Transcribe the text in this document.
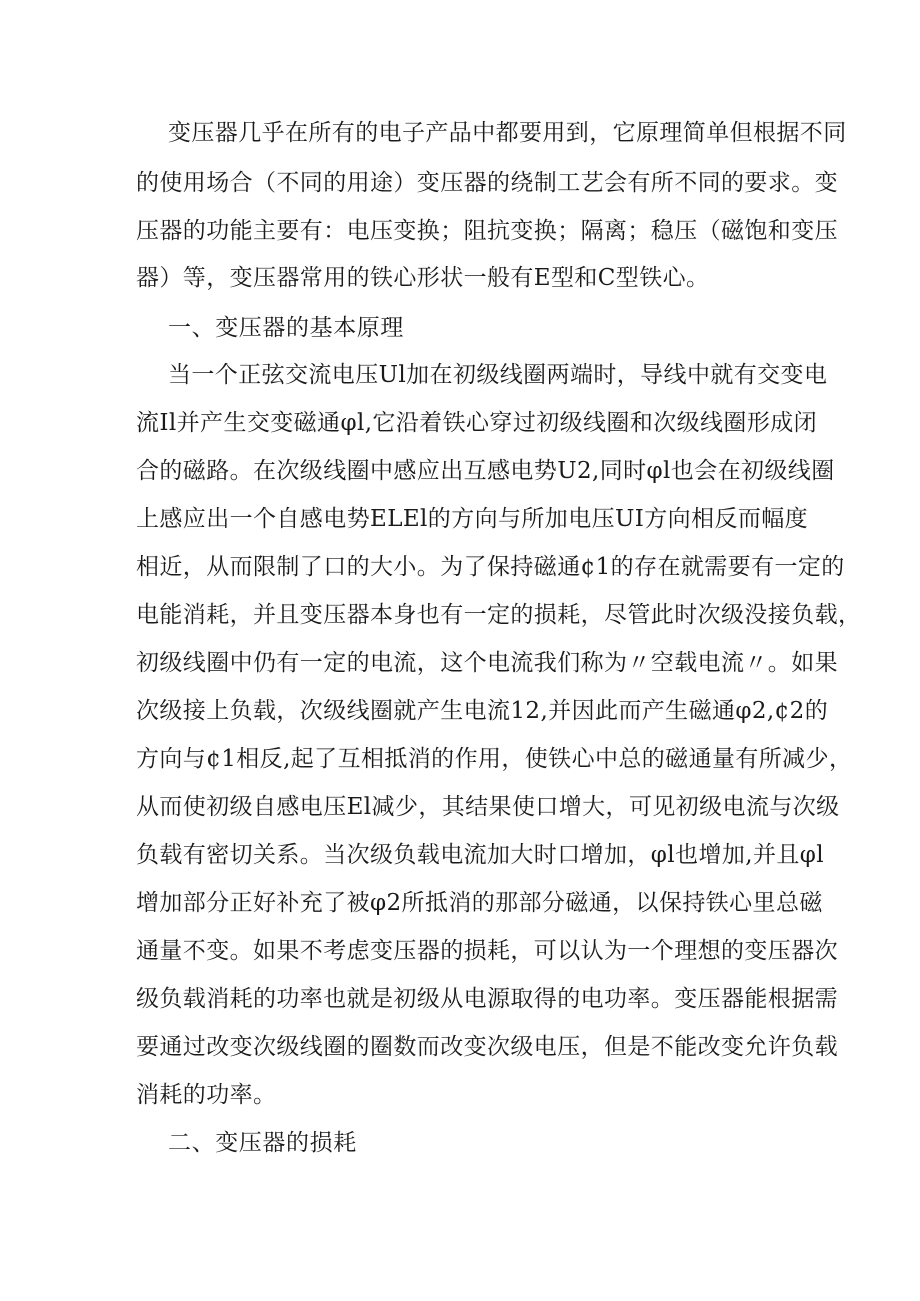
变压器几乎在所有的电子产品中都要用到，它原理简单但根据不同

的使用场合（不同的用途）变压器的绕制工艺会有所不同的要求。变

压器的功能主要有：电压变换；阻抗变换；隔离；稳压（磁饱和变压

器）等，变压器常用的铁心形状一般有E型和C型铁心。

一、变压器的基本原理

当一个正弦交流电压Ul加在初级线圈两端时，导线中就有交变电

流Il并产生交变磁通φl,它沿着铁心穿过初级线圈和次级线圈形成闭

合的磁路。在次级线圈中感应出互感电势U2,同时φl也会在初级线圈

上感应出一个自感电势ELEl的方向与所加电压UI方向相反而幅度

相近，从而限制了口的大小。为了保持磁通¢1的存在就需要有一定的

电能消耗，并且变压器本身也有一定的损耗，尽管此时次级没接负载，

初级线圈中仍有一定的电流，这个电流我们称为〃空载电流〃。如果

次级接上负载，次级线圈就产生电流12,并因此而产生磁通φ2,¢2的

方向与¢1相反,起了互相抵消的作用，使铁心中总的磁通量有所减少，

从而使初级自感电压El减少，其结果使口增大，可见初级电流与次级

负载有密切关系。当次级负载电流加大时口增加，φl也增加,并且φl

增加部分正好补充了被φ2所抵消的那部分磁通，以保持铁心里总磁

通量不变。如果不考虑变压器的损耗，可以认为一个理想的变压器次

级负载消耗的功率也就是初级从电源取得的电功率。变压器能根据需

要通过改变次级线圈的圈数而改变次级电压，但是不能改变允许负载

消耗的功率。

二、变压器的损耗
